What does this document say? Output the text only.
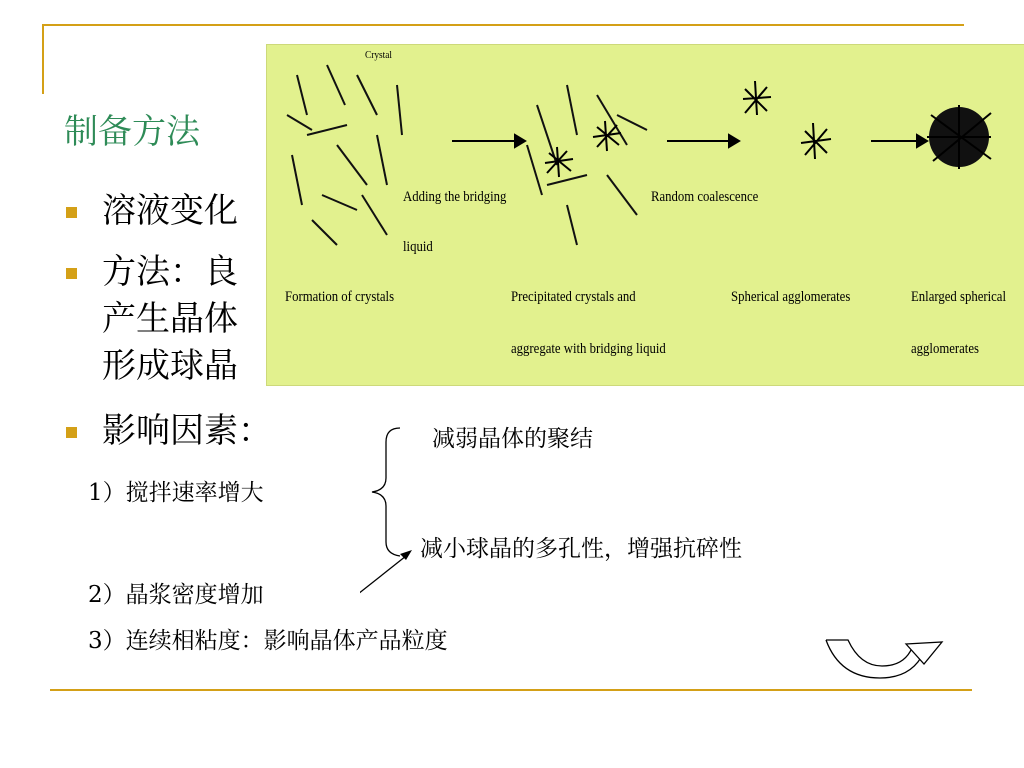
制备方法
溶液变化
方法：良
产生晶体
形成球晶
影响因素：	减弱晶体的聚结
1）搅拌速率增大
减小球晶的多孔性，增强抗碎性
2）晶浆密度增加
3）连续相粘度：影响晶体产品粒度
Crystal
Adding the bridging
liquid
Random coalescence
Formation of crystals	Precipitated crystals and
aggregate with bridging liquid
Spherical agglomerates	Enlarged spherical
agglomerates
